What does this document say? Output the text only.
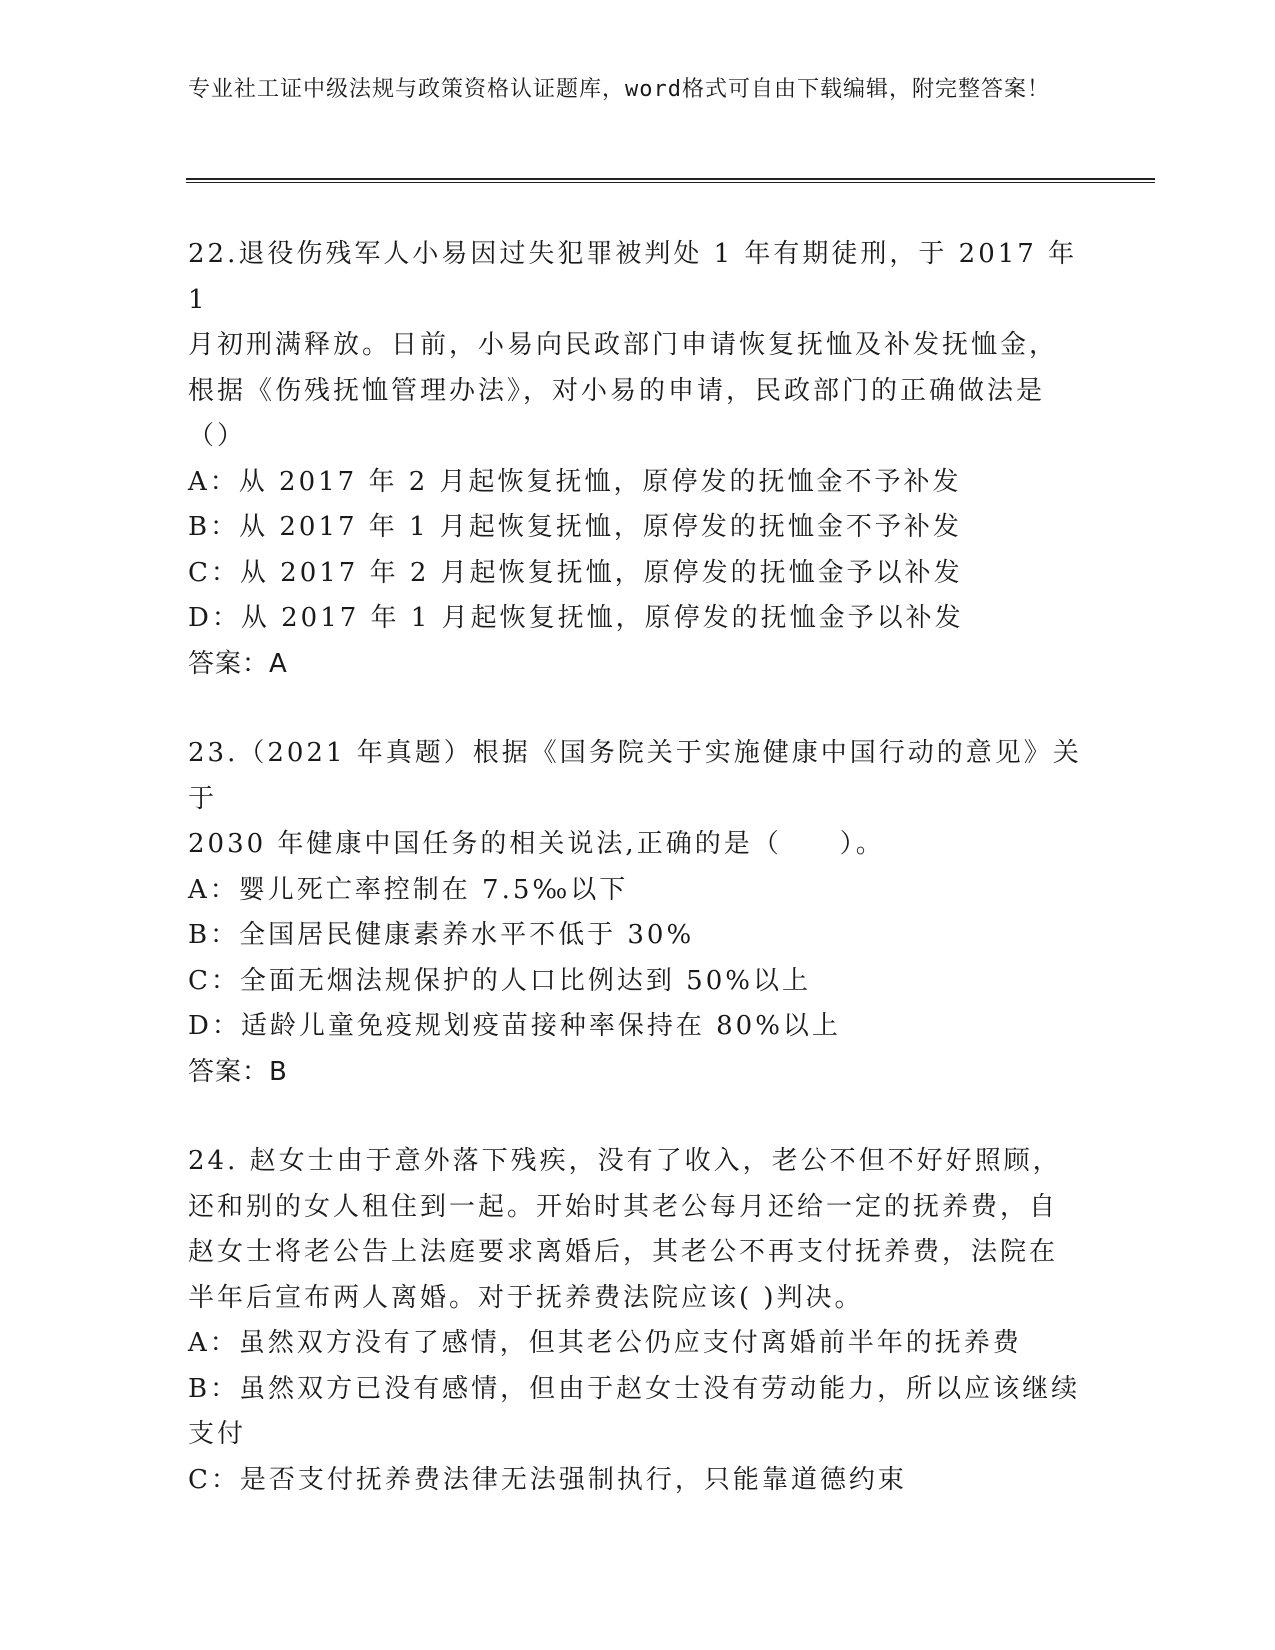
专业社工证中级法规与政策资格认证题库，word格式可自由下载编辑，附完整答案！
22.退役伤残军人小易因过失犯罪被判处 1 年有期徒刑，于 2017 年 1
月初刑满释放。日前，小易向民政部门申请恢复抚恤及补发抚恤金，
根据《伤残抚恤管理办法》，对小易的申请，民政部门的正确做法是
（）
A：从 2017 年 2 月起恢复抚恤，原停发的抚恤金不予补发
B：从 2017 年 1 月起恢复抚恤，原停发的抚恤金不予补发
C：从 2017 年 2 月起恢复抚恤，原停发的抚恤金予以补发
D：从 2017 年 1 月起恢复抚恤，原停发的抚恤金予以补发
答案：A
23.（2021 年真题）根据《国务院关于实施健康中国行动的意见》关于
2030 年健康中国任务的相关说法,正确的是（　　）。
A：婴儿死亡率控制在 7.5‰以下
B：全国居民健康素养水平不低于 30%
C：全面无烟法规保护的人口比例达到 50%以上
D：适龄儿童免疫规划疫苗接种率保持在 80%以上
答案：B
24. 赵女士由于意外落下残疾，没有了收入，老公不但不好好照顾，
还和别的女人租住到一起。开始时其老公每月还给一定的抚养费，自
赵女士将老公告上法庭要求离婚后，其老公不再支付抚养费，法院在
半年后宣布两人离婚。对于抚养费法院应该( )判决。
A：虽然双方没有了感情，但其老公仍应支付离婚前半年的抚养费
B：虽然双方已没有感情，但由于赵女士没有劳动能力，所以应该继续
支付
C：是否支付抚养费法律无法强制执行，只能靠道德约束
